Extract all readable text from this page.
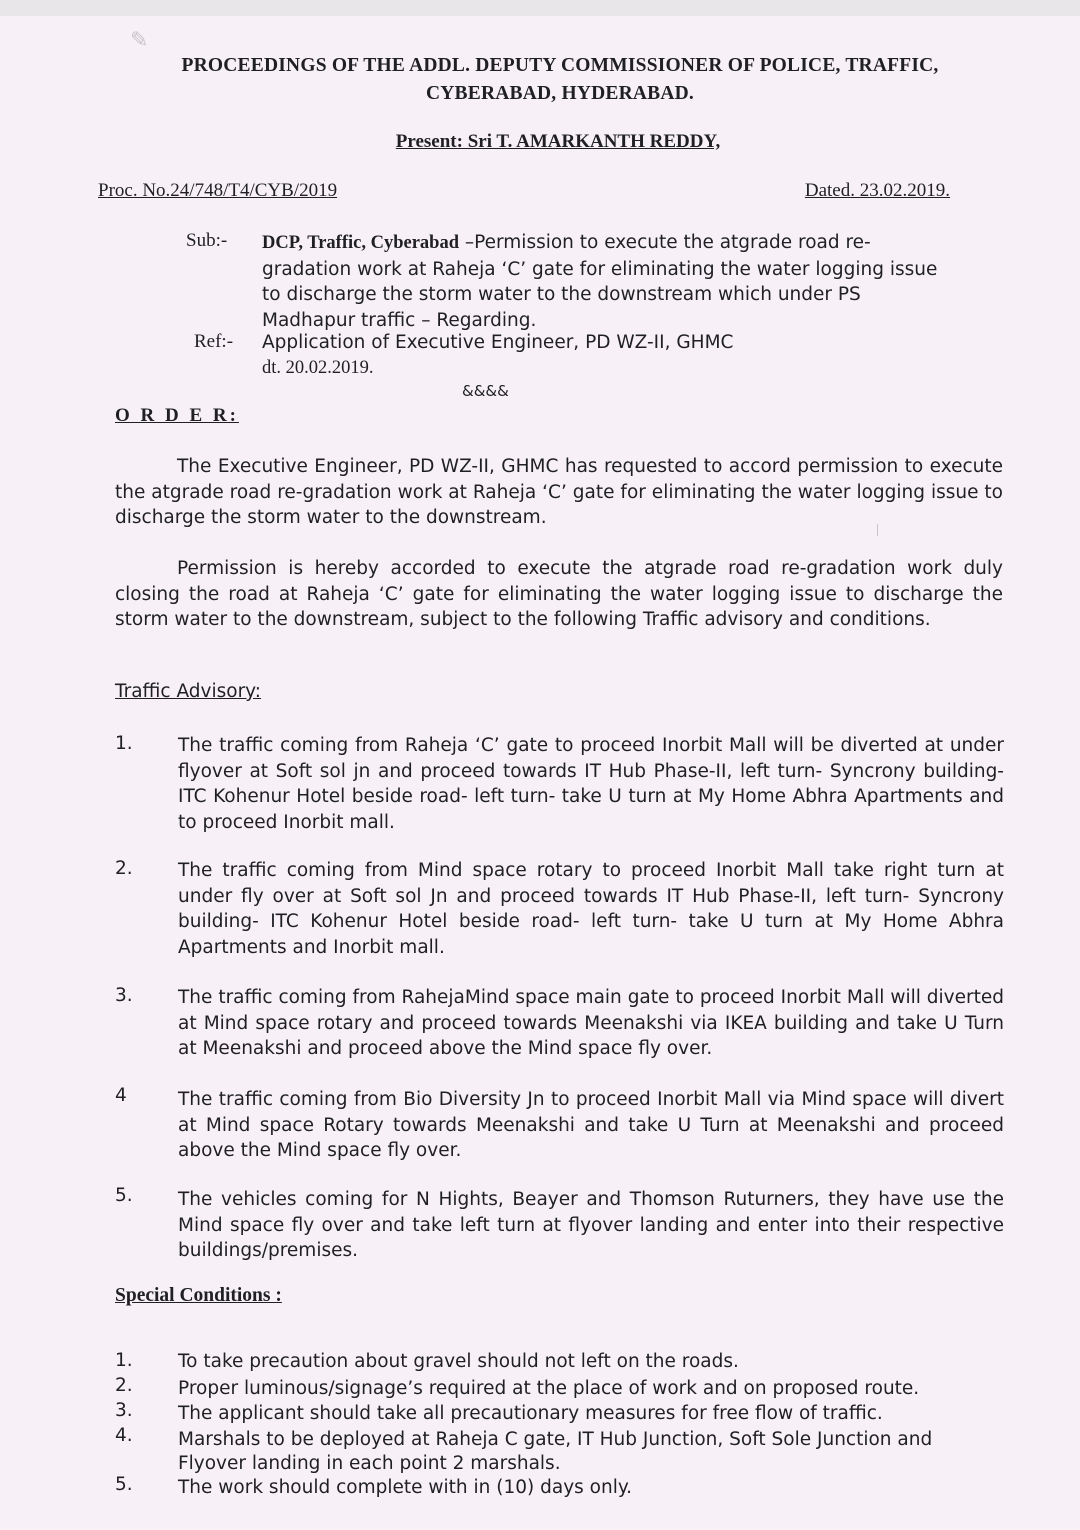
✎
PROCEEDINGS OF THE ADDL. DEPUTY COMMISSIONER OF POLICE, TRAFFIC,
CYBERABAD, HYDERABAD.
Present: Sri T. AMARKANTH REDDY,
Proc. No.24/748/T4/CYB/2019	Dated. 23.02.2019.
Sub:- DCP, Traffic, Cyberabad –Permission to execute the atgrade road re-gradation work at Raheja ‘C’ gate for eliminating the water logging issue to discharge the storm water to the downstream which under PS Madhapur traffic – Regarding.
Ref:- Application of Executive Engineer, PD WZ-II, GHMC
dt. 20.02.2019.
&&&&
O R D E R:
The Executive Engineer, PD WZ-II, GHMC has requested to accord permission to execute the atgrade road re-gradation work at Raheja ‘C’ gate for eliminating the water logging issue to discharge the storm water to the downstream.
Permission is hereby accorded to execute the atgrade road re-gradation work duly closing the road at Raheja ‘C’ gate for eliminating the water logging issue to discharge the storm water to the downstream, subject to the following Traffic advisory and conditions.
Traffic Advisory:
1. The traffic coming from Raheja ‘C’ gate to proceed Inorbit Mall will be diverted at under flyover at Soft sol jn and proceed towards IT Hub Phase-II, left turn- Syncrony building- ITC Kohenur Hotel beside road- left turn- take U turn at My Home Abhra Apartments and to proceed Inorbit mall.
2. The traffic coming from Mind space rotary to proceed Inorbit Mall take right turn at under fly over at Soft sol Jn and proceed towards IT Hub Phase-II, left turn- Syncrony building- ITC Kohenur Hotel beside road- left turn- take U turn at My Home Abhra Apartments and Inorbit mall.
3. The traffic coming from RahejaMind space main gate to proceed Inorbit Mall will diverted at Mind space rotary and proceed towards Meenakshi via IKEA building and take U Turn at Meenakshi and proceed above the Mind space fly over.
4	The traffic coming from Bio Diversity Jn to proceed Inorbit Mall via Mind space will divert at Mind space Rotary towards Meenakshi and take U Turn at Meenakshi and proceed above the Mind space fly over.
5. The vehicles coming for N Hights, Beayer and Thomson Ruturners, they have use the Mind space fly over and take left turn at flyover landing and enter into their respective buildings/premises.
Special Conditions :
1. To take precaution about gravel should not left on the roads.
2. Proper luminous/signage’s required at the place of work and on proposed route.
3. The applicant should take all precautionary measures for free flow of traffic.
4. Marshals to be deployed at Raheja C gate, IT Hub Junction, Soft Sole Junction and Flyover landing in each point 2 marshals.
5. The work should complete with in (10) days only.
